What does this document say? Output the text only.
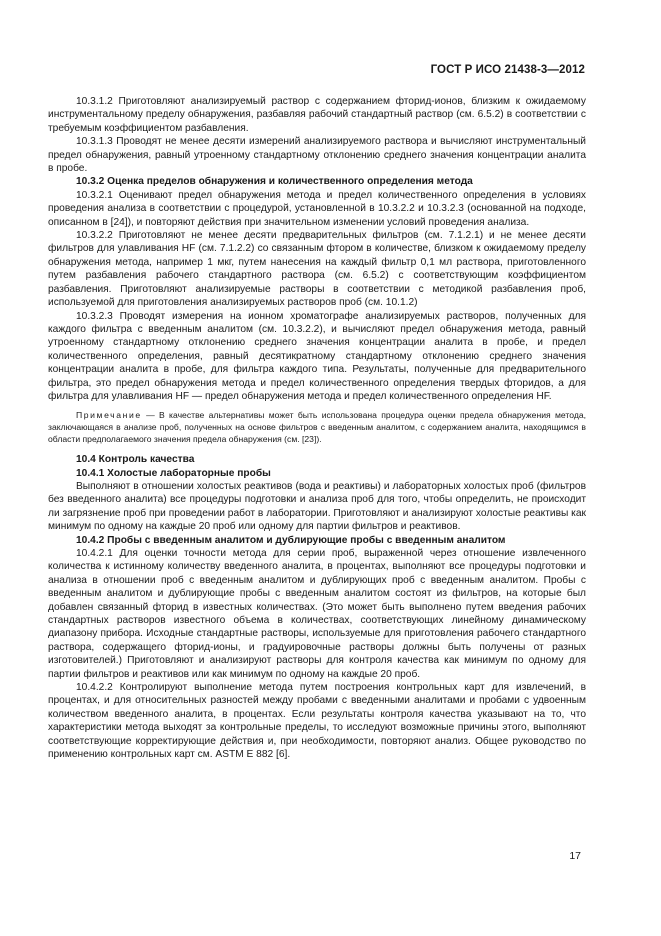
ГОСТ Р ИСО 21438-3—2012

10.3.1.2 Приготовляют анализируемый раствор с содержанием фторид-ионов, близким к ожидаемому инструментальному пределу обнаружения, разбавляя рабочий стандартный раствор (см. 6.5.2) в соответствии с требуемым коэффициентом разбавления.

10.3.1.3 Проводят не менее десяти измерений анализируемого раствора и вычисляют инструментальный предел обнаружения, равный утроенному стандартному отклонению среднего значения концентрации аналита в пробе.

10.3.2 Оценка пределов обнаружения и количественного определения метода

10.3.2.1 Оценивают предел обнаружения метода и предел количественного определения в условиях проведения анализа в соответствии с процедурой, установленной в 10.3.2.2 и 10.3.2.3 (основанной на подходе, описанном в [24]), и повторяют действия при значительном изменении условий проведения анализа.

10.3.2.2 Приготовляют не менее десяти предварительных фильтров (см. 7.1.2.1) и не менее десяти фильтров для улавливания HF (см. 7.1.2.2) со связанным фтором в количестве, близком к ожидаемому пределу обнаружения метода, например 1 мкг, путем нанесения на каждый фильтр 0,1 мл раствора, приготовленного путем разбавления рабочего стандартного раствора (см. 6.5.2) с соответствующим коэффициентом разбавления. Приготовляют анализируемые растворы в соответствии с методикой разбавления проб, используемой для приготовления анализируемых растворов проб (см. 10.1.2)

10.3.2.3 Проводят измерения на ионном хроматографе анализируемых растворов, полученных для каждого фильтра с введенным аналитом (см. 10.3.2.2), и вычисляют предел обнаружения метода, равный утроенному стандартному отклонению среднего значения концентрации аналита в пробе, и предел количественного определения, равный десятикратному стандартному отклонению среднего значения концентрации аналита в пробе, для фильтра каждого типа. Результаты, полученные для предварительного фильтра, это предел обнаружения метода и предел количественного определения твердых фторидов, а для фильтра для улавливания HF — предел обнаружения метода и предел количественного определения HF.

Примечание — В качестве альтернативы может быть использована процедура оценки предела обнаружения метода, заключающаяся в анализе проб, полученных на основе фильтров с введенным аналитом, с содержанием аналита, находящимся в области предполагаемого значения предела обнаружения (см. [23]).

10.4 Контроль качества

10.4.1 Холостые лабораторные пробы

Выполняют в отношении холостых реактивов (вода и реактивы) и лабораторных холостых проб (фильтров без введенного аналита) все процедуры подготовки и анализа проб для того, чтобы определить, не происходит ли загрязнение проб при проведении работ в лаборатории. Приготовляют и анализируют холостые реактивы как минимум по одному на каждые 20 проб или одному для партии фильтров и реактивов.

10.4.2 Пробы с введенным аналитом и дублирующие пробы с введенным аналитом

10.4.2.1 Для оценки точности метода для серии проб, выраженной через отношение извлеченного количества к истинному количеству введенного аналита, в процентах, выполняют все процедуры подготовки и анализа в отношении проб с введенным аналитом и дублирующих проб с введенным аналитом. Пробы с введенным аналитом и дублирующие пробы с введенным аналитом состоят из фильтров, на которые был добавлен связанный фторид в известных количествах. (Это может быть выполнено путем введения рабочих стандартных растворов известного объема в количествах, соответствующих линейному динамическому диапазону прибора. Исходные стандартные растворы, используемые для приготовления рабочего стандартного раствора, содержащего фторид-ионы, и градуировочные растворы должны быть получены от разных изготовителей.) Приготовляют и анализируют растворы для контроля качества как минимум по одному для партии фильтров и реактивов или как минимум по одному на каждые 20 проб.

10.4.2.2 Контролируют выполнение метода путем построения контрольных карт для извлечений, в процентах, и для относительных разностей между пробами с введенными аналитами и пробами с удвоенным количеством введенного аналита, в процентах. Если результаты контроля качества указывают на то, что характеристики метода выходят за контрольные пределы, то исследуют возможные причины этого, выполняют соответствующие корректирующие действия и, при необходимости, повторяют анализ. Общее руководство по применению контрольных карт см. ASTM E 882 [6].

17
